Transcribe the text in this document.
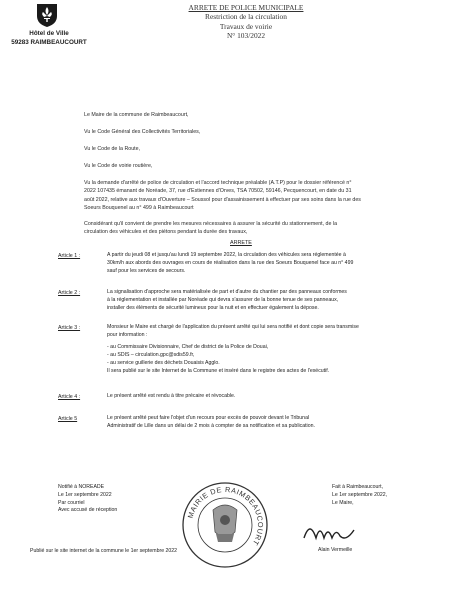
Hôtel de Ville
59283 RAIMBEAUCOURT
ARRETE DE POLICE MUNICIPALE
Restriction de la circulation
Travaux de voirie
N° 103/2022
Le Maire de la commune de Raimbeaucourt,
Vu le Code Général des Collectivités Territoriales,
Vu le Code de la Route,
Vu le Code de voirie routière,
Vu la demande d'arrêté de police de circulation et l'accord technique préalable (A.T.P) pour le dossier référencé n°
2022 107435 émanant de Noréade, 37, rue d'Estiennes d'Orves, TSA 70502, 59146, Pecquencourt, en date du 31
août 2022, relative aux travaux d'Ouverture – Soussol pour d'assainissement à effectuer par ses soins dans la rue des
Soeurs Bouquenel au n° 499 à Raimbeaucourt
Considérant qu'il convient de prendre les mesures nécessaires à assurer la sécurité du stationnement, de la
circulation des véhicules et des piétons pendant la durée des travaux,
ARRETE
Article 1 :	A partir du jeudi 08 et jusqu'au lundi 19 septembre 2022, la circulation des véhicules sera réglementée à
30km/h aux abords des ouvrages en cours de réalisation dans la rue des Soeurs Bouquenel face au n° 499
sauf pour les services de secours.
Article 2 :	La signalisation d'approche sera matérialisée de part et d'autre du chantier par des panneaux conformes
à la réglementation et installée par Noréade qui devra s'assurer de la bonne tenue de ses panneaux,
installer des éléments de sécurité lumineux pour la nuit et en effectuer également la dépose.
Article 3 :	Monsieur le Maire est chargé de l'application du présent arrêté qui lui sera notifié et dont copie sera transmise
pour information :
- au Commissaire Divisionnaire, Chef de district de la Police de Douai,
- au SDIS – circulation.gpc@sdis59.fr,
- au service guillerie des déchets Douaisis Agglo.
Il sera publié sur le site Internet de la Commune et inséré dans le registre des actes de l'exécutif.
Article 4 :	Le présent arrêté est rendu à titre précaire et révocable.
Article 5	Le présent arrêté peut faire l'objet d'un recours pour excès de pouvoir devant le Tribunal
Administratif de Lille dans un délai de 2 mois à compter de sa notification et sa publication.
Notifié à NOREADE
Le 1er septembre 2022
Par courriel
Avec accusé de réception
MAIRIE DE RAIMBEAUCOURT
Fait à Raimbeaucourt,
Le 1er septembre 2022,
Le Maire,
Alain Vermeille
Publié sur le site internet de la commune le 1er septembre 2022
